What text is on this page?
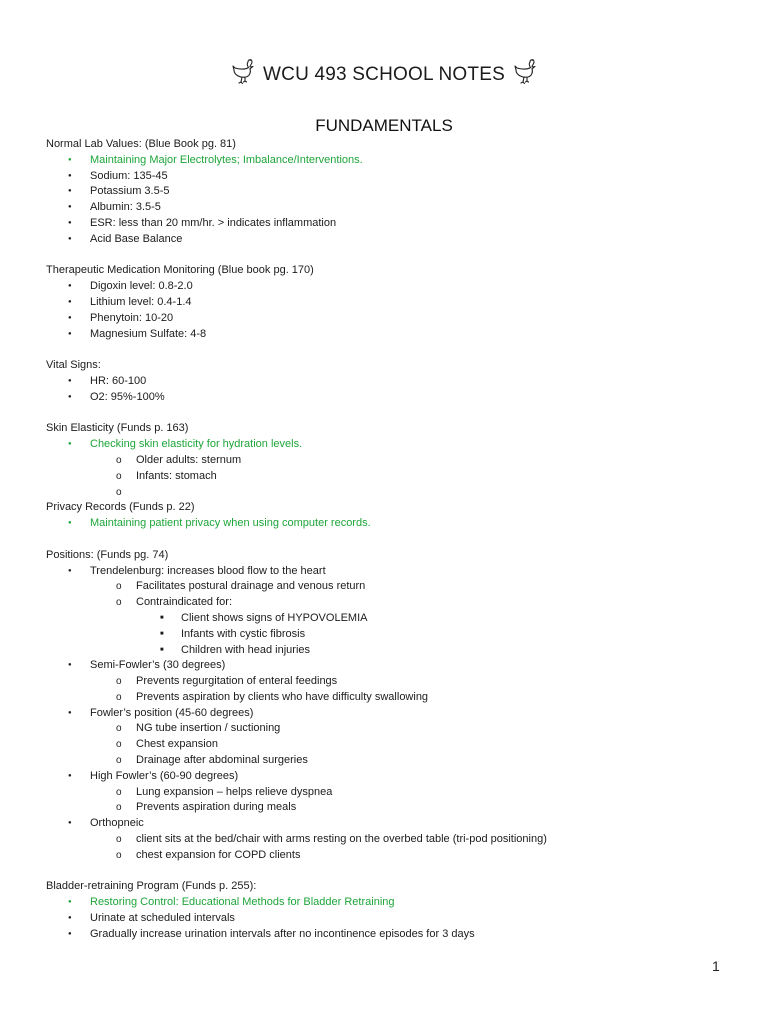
WCU 493 SCHOOL NOTES
FUNDAMENTALS
Normal Lab Values: (Blue Book pg. 81)
● Maintaining Major Electrolytes; Imbalance/Interventions.
● Sodium: 135-45
● Potassium 3.5-5
● Albumin: 3.5-5
● ESR: less than 20 mm/hr. > indicates inflammation
● Acid Base Balance
Therapeutic Medication Monitoring (Blue book pg. 170)
● Digoxin level: 0.8-2.0
● Lithium level: 0.4-1.4
● Phenytoin: 10-20
● Magnesium Sulfate: 4-8
Vital Signs:
● HR: 60-100
● O2: 95%-100%
Skin Elasticity (Funds p. 163)
● Checking skin elasticity for hydration levels.
o Older adults: sternum
o Infants: stomach
o
Privacy Records (Funds p. 22)
● Maintaining patient privacy when using computer records.
Positions: (Funds pg. 74)
● Trendelenburg: increases blood flow to the heart
o Facilitates postural drainage and venous return
o Contraindicated for:
■ Client shows signs of HYPOVOLEMIA
■ Infants with cystic fibrosis
■ Children with head injuries
● Semi-Fowler’s (30 degrees)
o Prevents regurgitation of enteral feedings
o Prevents aspiration by clients who have difficulty swallowing
● Fowler’s position (45-60 degrees)
o NG tube insertion / suctioning
o Chest expansion
o Drainage after abdominal surgeries
● High Fowler’s (60-90 degrees)
o Lung expansion – helps relieve dyspnea
o Prevents aspiration during meals
● Orthopneic
o client sits at the bed/chair with arms resting on the overbed table (tri-pod positioning)
o chest expansion for COPD clients
Bladder-retraining Program (Funds p. 255):
● Restoring Control: Educational Methods for Bladder Retraining
● Urinate at scheduled intervals
● Gradually increase urination intervals after no incontinence episodes for 3 days
1
